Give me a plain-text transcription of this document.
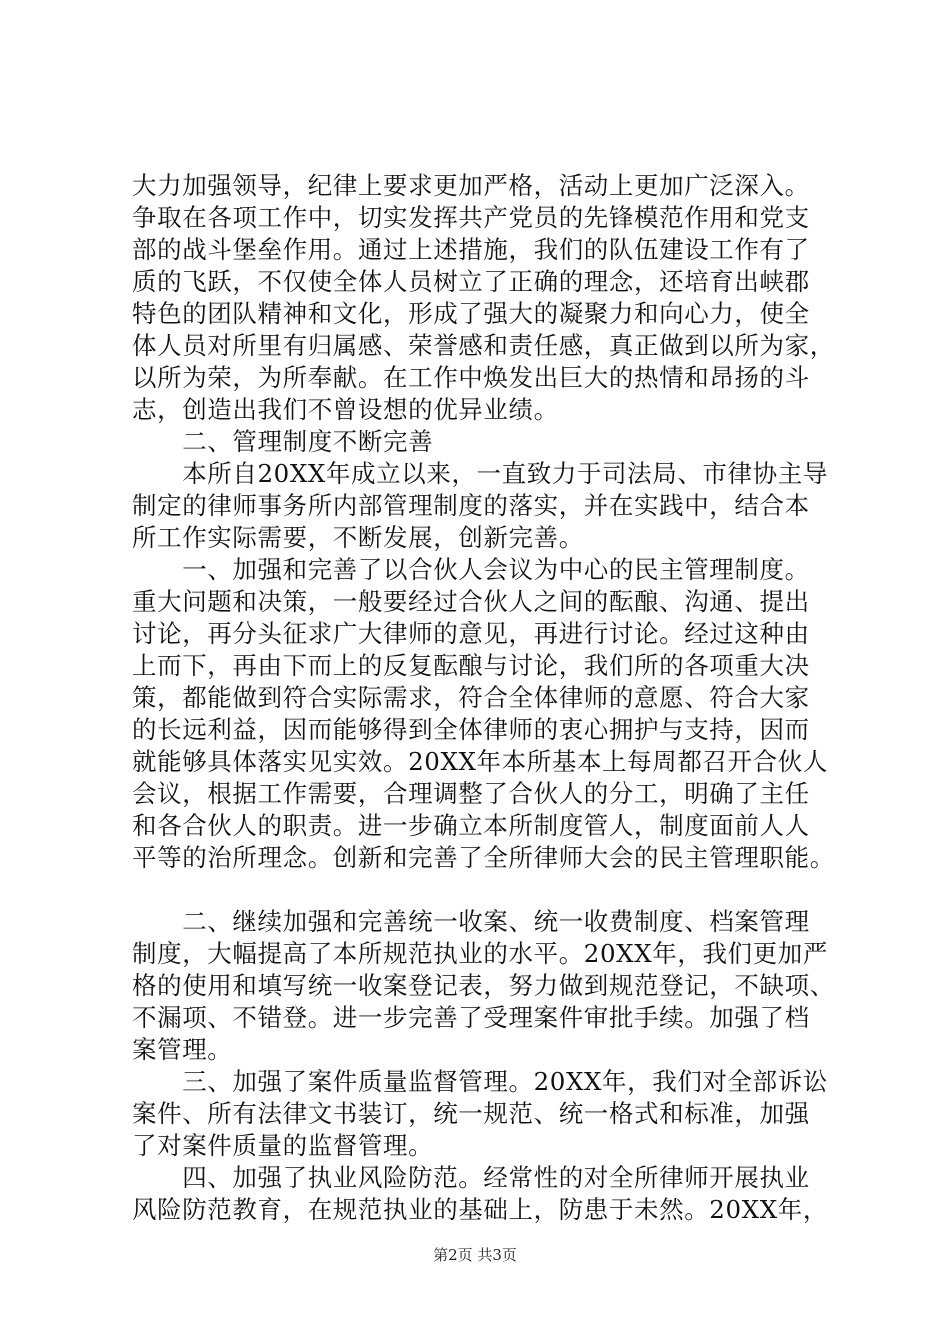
大力加强领导，纪律上要求更加严格，活动上更加广泛深入。
争取在各项工作中，切实发挥共产党员的先锋模范作用和党支
部的战斗堡垒作用。通过上述措施，我们的队伍建设工作有了
质的飞跃，不仅使全体人员树立了正确的理念，还培育出峡郡
特色的团队精神和文化，形成了强大的凝聚力和向心力，使全
体人员对所里有归属感、荣誉感和责任感，真正做到以所为家，
以所为荣，为所奉献。在工作中焕发出巨大的热情和昂扬的斗
志，创造出我们不曾设想的优异业绩。
　　二、管理制度不断完善
　　本所自20XX年成立以来，一直致力于司法局、市律协主导
制定的律师事务所内部管理制度的落实，并在实践中，结合本
所工作实际需要，不断发展，创新完善。
　　一、加强和完善了以合伙人会议为中心的民主管理制度。
重大问题和决策，一般要经过合伙人之间的酝酿、沟通、提出
讨论，再分头征求广大律师的意见，再进行讨论。经过这种由
上而下，再由下而上的反复酝酿与讨论，我们所的各项重大决
策，都能做到符合实际需求，符合全体律师的意愿、符合大家
的长远利益，因而能够得到全体律师的衷心拥护与支持，因而
就能够具体落实见实效。20XX年本所基本上每周都召开合伙人
会议，根据工作需要，合理调整了合伙人的分工，明确了主任
和各合伙人的职责。进一步确立本所制度管人，制度面前人人
平等的治所理念。创新和完善了全所律师大会的民主管理职能。
　　二、继续加强和完善统一收案、统一收费制度、档案管理
制度，大幅提高了本所规范执业的水平。20XX年，我们更加严
格的使用和填写统一收案登记表，努力做到规范登记，不缺项、
不漏项、不错登。进一步完善了受理案件审批手续。加强了档
案管理。
　　三、加强了案件质量监督管理。20XX年，我们对全部诉讼
案件、所有法律文书装订，统一规范、统一格式和标准，加强
了对案件质量的监督管理。
　　四、加强了执业风险防范。经常性的对全所律师开展执业
风险防范教育，在规范执业的基础上，防患于未然。20XX年，
第2页 共3页
